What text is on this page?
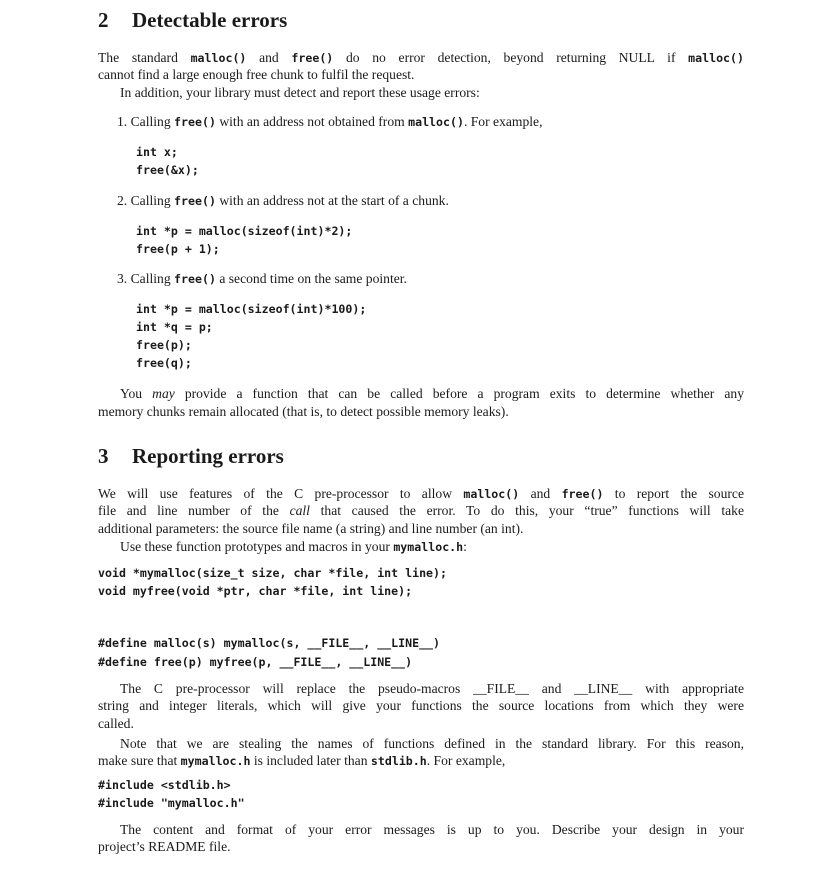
2 Detectable errors
The standard malloc() and free() do no error detection, beyond returning NULL if malloc()
cannot find a large enough free chunk to fulfil the request.
In addition, your library must detect and report these usage errors:
1. Calling free() with an address not obtained from malloc(). For example,
int x;
free(&x);
2. Calling free() with an address not at the start of a chunk.
int *p = malloc(sizeof(int)*2);
free(p + 1);
3. Calling free() a second time on the same pointer.
int *p = malloc(sizeof(int)*100);
int *q = p;
free(p);
free(q);
You may provide a function that can be called before a program exits to determine whether any
memory chunks remain allocated (that is, to detect possible memory leaks).
3 Reporting errors
We will use features of the C pre-processor to allow malloc() and free() to report the source
file and line number of the call that caused the error. To do this, your “true” functions will take
additional parameters: the source file name (a string) and line number (an int).
Use these function prototypes and macros in your mymalloc.h:
void *mymalloc(size_t size, char *file, int line);
void myfree(void *ptr, char *file, int line);
#define malloc(s) mymalloc(s, __FILE__, __LINE__)
#define free(p) myfree(p, __FILE__, __LINE__)
The C pre-processor will replace the pseudo-macros __FILE__ and __LINE__ with appropriate
string and integer literals, which will give your functions the source locations from which they were
called.
Note that we are stealing the names of functions defined in the standard library. For this reason,
make sure that mymalloc.h is included later than stdlib.h. For example,
#include <stdlib.h>
#include "mymalloc.h"
The content and format of your error messages is up to you. Describe your design in your
project’s README file.
